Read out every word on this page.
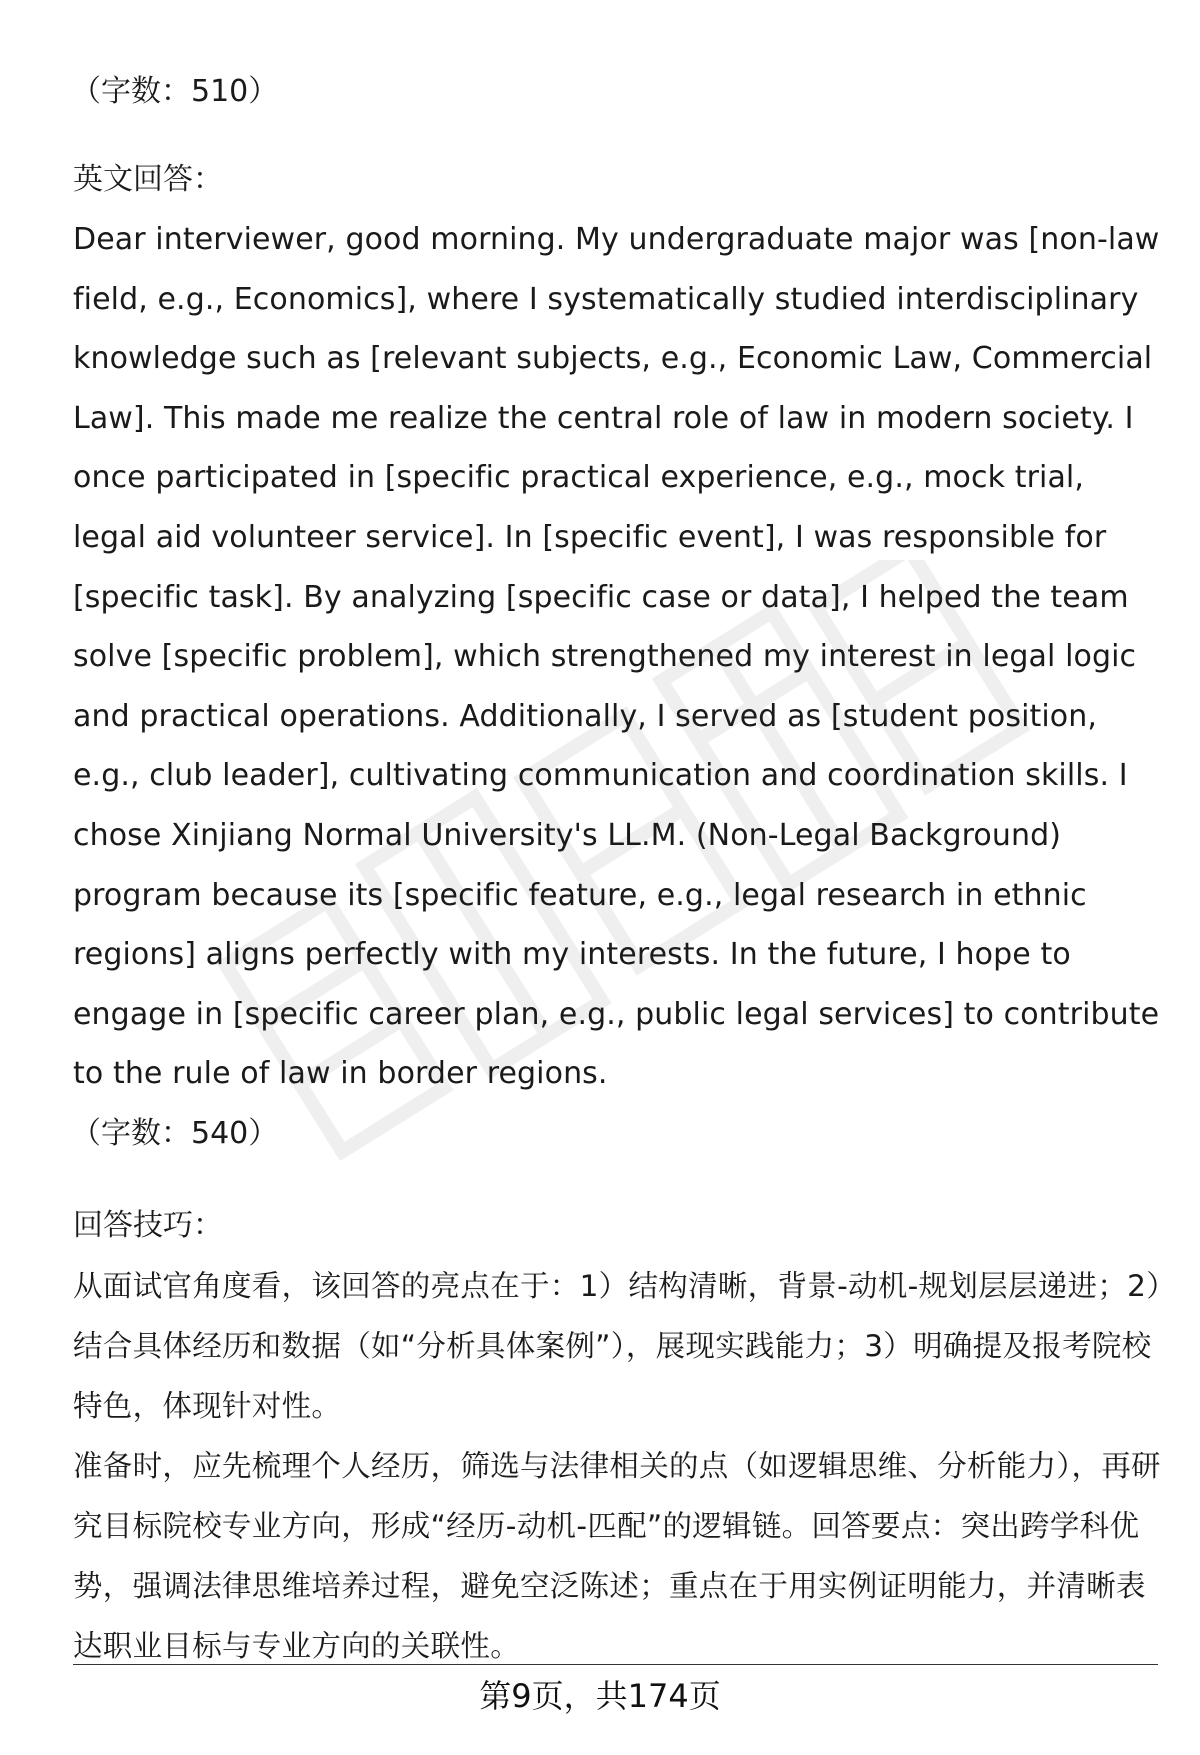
（字数：510）

英文回答：

Dear interviewer, good morning. My undergraduate major was [non-law field, e.g., Economics], where I systematically studied interdisciplinary knowledge such as [relevant subjects, e.g., Economic Law, Commercial Law]. This made me realize the central role of law in modern society. I once participated in [specific practical experience, e.g., mock trial, legal aid volunteer service]. In [specific event], I was responsible for [specific task]. By analyzing [specific case or data], I helped the team solve [specific problem], which strengthened my interest in legal logic and practical operations. Additionally, I served as [student position, e.g., club leader], cultivating communication and coordination skills. I chose Xinjiang Normal University's LL.M. (Non-Legal Background) program because its [specific feature, e.g., legal research in ethnic regions] aligns perfectly with my interests. In the future, I hope to engage in [specific career plan, e.g., public legal services] to contribute to the rule of law in border regions.

（字数：540）

回答技巧：

从面试官角度看，该回答的亮点在于：1）结构清晰，背景-动机-规划层层递进；2）结合具体经历和数据（如“分析具体案例”），展现实践能力；3）明确提及报考院校特色，体现针对性。

准备时，应先梳理个人经历，筛选与法律相关的点（如逻辑思维、分析能力），再研究目标院校专业方向，形成“经历-动机-匹配”的逻辑链。回答要点：突出跨学科优势，强调法律思维培养过程，避免空泛陈述；重点在于用实例证明能力，并清晰表达职业目标与专业方向的关联性。

第9页，共174页
